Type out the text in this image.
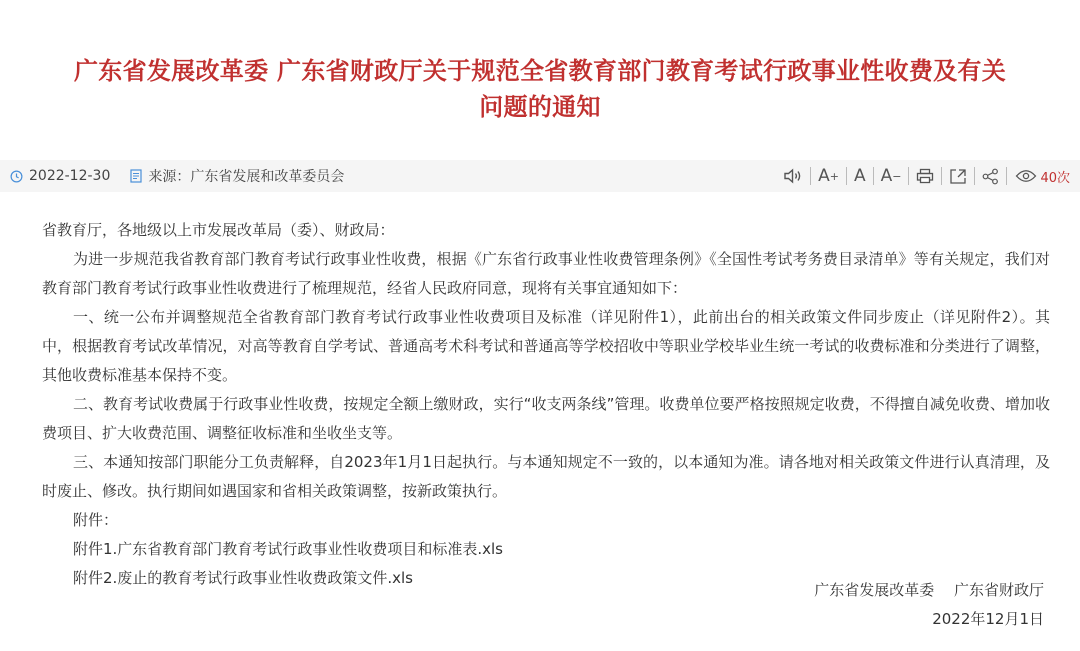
广东省发展改革委 广东省财政厅关于规范全省教育部门教育考试行政事业性收费及有关
问题的通知
2022-12-30	来源：广东省发展和改革委员会	A + A A −	40次

省教育厅，各地级以上市发展改革局（委）、财政局：

为进一步规范我省教育部门教育考试行政事业性收费，根据《广东省行政事业性收费管理条例》《全国性考试考务费目录清单》等有关规定，我们对教育部门教育考试行政事业性收费进行了梳理规范，经省人民政府同意，现将有关事宜通知如下：

一、统一公布并调整规范全省教育部门教育考试行政事业性收费项目及标准（详见附件1），此前出台的相关政策文件同步废止（详见附件2）。其中，根据教育考试改革情况，对高等教育自学考试、普通高考术科考试和普通高等学校招收中等职业学校毕业生统一考试的收费标准和分类进行了调整，其他收费标准基本保持不变。

二、教育考试收费属于行政事业性收费，按规定全额上缴财政，实行“收支两条线”管理。收费单位要严格按照规定收费，不得擅自减免收费、增加收费项目、扩大收费范围、调整征收标准和坐收坐支等。

三、本通知按部门职能分工负责解释，自2023年1月1日起执行。与本通知规定不一致的，以本通知为准。请各地对相关政策文件进行认真清理，及时废止、修改。执行期间如遇国家和省相关政策调整，按新政策执行。

附件：

附件1.广东省教育部门教育考试行政事业性收费项目和标准表.xls

附件2.废止的教育考试行政事业性收费政策文件.xls

广东省发展改革委　 广东省财政厅
2022年12月1日
